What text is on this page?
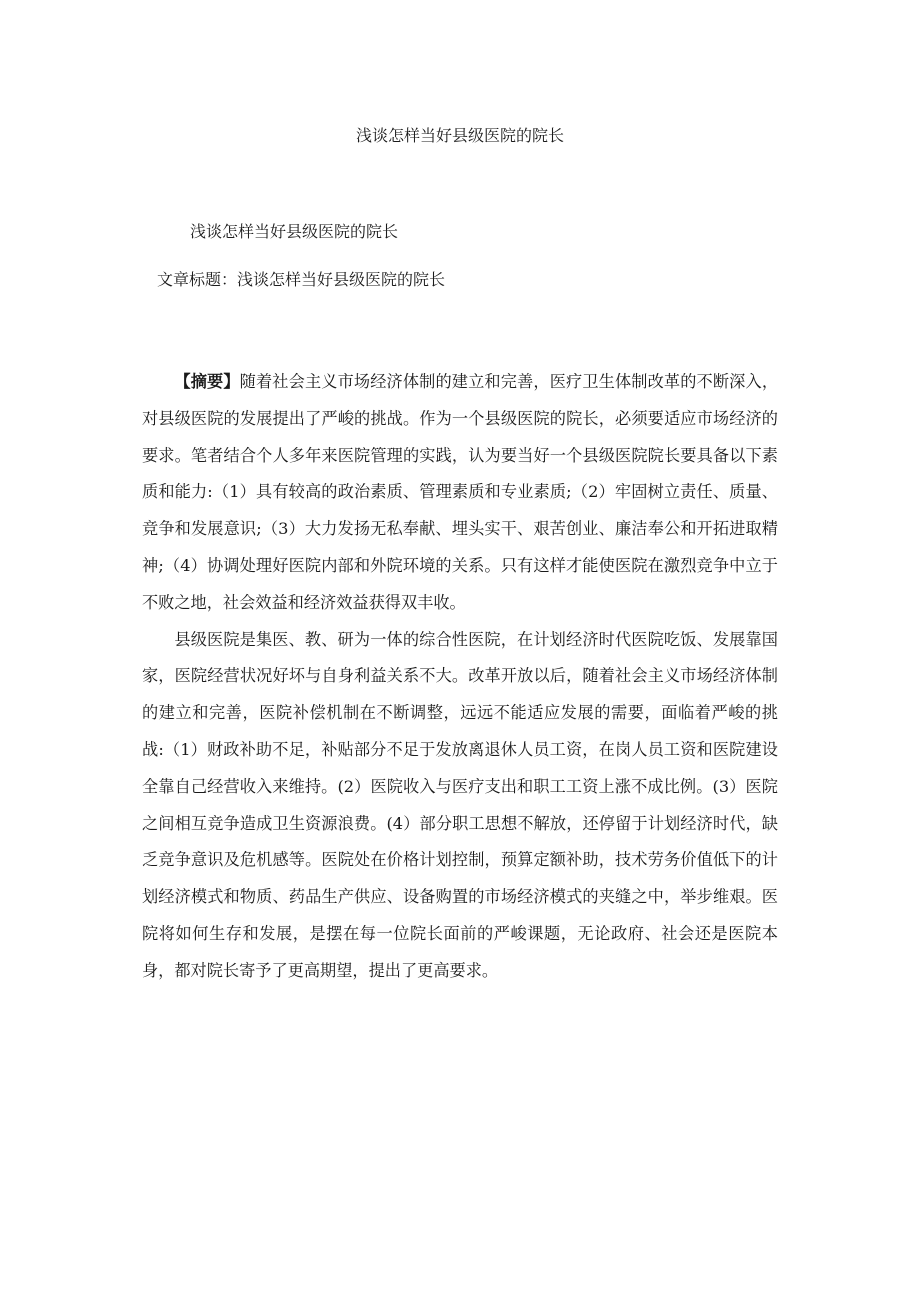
浅谈怎样当好县级医院的院长

浅谈怎样当好县级医院的院长

文章标题：浅谈怎样当好县级医院的院长

【摘要】随着社会主义市场经济体制的建立和完善，医疗卫生体制改革的不断深入，对县级医院的发展提出了严峻的挑战。作为一个县级医院的院长，必须要适应市场经济的要求。笔者结合个人多年来医院管理的实践，认为要当好一个县级医院院长要具备以下素质和能力:（1）具有较高的政治素质、管理素质和专业素质;（2）牢固树立责任、质量、竞争和发展意识;（3）大力发扬无私奉献、埋头实干、艰苦创业、廉洁奉公和开拓进取精神;（4）协调处理好医院内部和外院环境的关系。只有这样才能使医院在激烈竞争中立于不败之地，社会效益和经济效益获得双丰收。

县级医院是集医、教、研为一体的综合性医院，在计划经济时代医院吃饭、发展靠国家，医院经营状况好坏与自身利益关系不大。改革开放以后，随着社会主义市场经济体制的建立和完善，医院补偿机制在不断调整，远远不能适应发展的需要，面临着严峻的挑战:（1）财政补助不足，补贴部分不足于发放离退休人员工资，在岗人员工资和医院建设全靠自己经营收入来维持。(2）医院收入与医疗支出和职工工资上涨不成比例。(3）医院之间相互竞争造成卫生资源浪费。(4）部分职工思想不解放，还停留于计划经济时代，缺乏竞争意识及危机感等。医院处在价格计划控制，预算定额补助，技术劳务价值低下的计划经济模式和物质、药品生产供应、设备购置的市场经济模式的夹缝之中，举步维艰。医院将如何生存和发展，是摆在每一位院长面前的严峻课题，无论政府、社会还是医院本身，都对院长寄予了更高期望，提出了更高要求。
